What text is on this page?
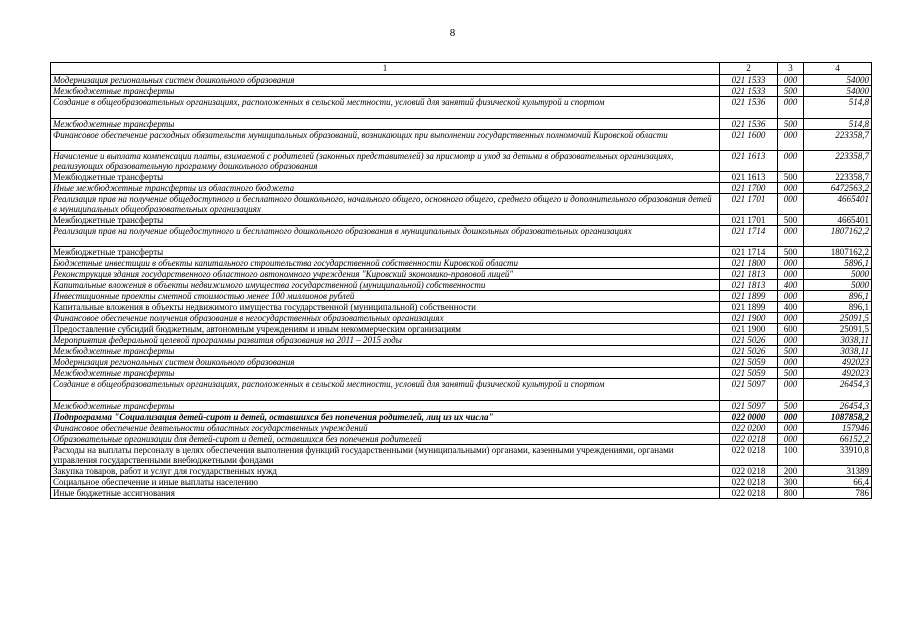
8
1	2	3	4
Модернизация региональных систем дошкольного образования	021 1533	000	54000
Межбюджетные трансферты	021 1533	500	54000
Создание в общеобразовательных организациях, расположенных в сельской местности, условий для занятий физической культурой и спортом	021 1536	000	514,8
Межбюджетные трансферты	021 1536	500	514,8
Финансовое обеспечение расходных обязательств муниципальных образований, возникающих при выполнении государственных полномочий Кировской области	021 1600	000	223358,7
Начисление и выплата компенсации платы, взимаемой с родителей (законных представителей) за присмотр и уход за детьми в образовательных организациях, реализующих образовательную программу дошкольного образования	021 1613	000	223358,7
Межбюджетные трансферты	021 1613	500	223358,7
Иные межбюджетные трансферты из областного бюджета	021 1700	000	6472563,2
Реализация прав на получение общедоступного и бесплатного дошкольного, начального общего, основного общего, среднего общего и дополнительного образования детей в муниципальных общеобразовательных организациях	021 1701	000	4665401
Межбюджетные трансферты	021 1701	500	4665401
Реализация прав на получение общедоступного и бесплатного дошкольного образования в муниципальных дошкольных образовательных организациях	021 1714	000	1807162,2
Межбюджетные трансферты	021 1714	500	1807162,2
Бюджетные инвестиции в объекты капитального строительства государственной собственности Кировской области	021 1800	000	5896,1
Реконструкция здания государственного областного автономного учреждения "Кировский экономико-правовой лицей"	021 1813	000	5000
Капитальные вложения в объекты недвижимого имущества государственной (муниципальной) собственности	021 1813	400	5000
Инвестиционные проекты сметной стоимостью менее 100 миллионов рублей	021 1899	000	896,1
Капитальные вложения в объекты недвижимого имущества государственной (муниципальной) собственности	021 1899	400	896,1
Финансовое обеспечение получения образования в негосударственных образовательных организациях	021 1900	000	25091,5
Предоставление субсидий бюджетным, автономным учреждениям и иным некоммерческим организациям	021 1900	600	25091,5
Мероприятия федеральной целевой программы развития образования на 2011 – 2015 годы	021 5026	000	3038,11
Межбюджетные трансферты	021 5026	500	3038,11
Модернизация региональных систем дошкольного образования	021 5059	000	492023
Межбюджетные трансферты	021 5059	500	492023
Создание в общеобразовательных организациях, расположенных в сельской местности, условий для занятий физической культурой и спортом	021 5097	000	26454,3
Межбюджетные трансферты	021 5097	500	26454,3
Подпрограмма "Социализация детей-сирот и детей, оставшихся без попечения родителей, лиц из их числа"	022 0000	000	1087858,2
Финансовое обеспечение деятельности областных государственных учреждений	022 0200	000	157946
Образовательные организации для детей-сирот и детей, оставшихся без попечения родителей	022 0218	000	66152,2
Расходы на выплаты персоналу в целях обеспечения выполнения функций государственными (муниципальными) органами, казенными учреждениями, органами управления государственными внебюджетными фондами	022 0218	100	33910,8
Закупка товаров, работ и услуг для государственных нужд	022 0218	200	31389
Социальное обеспечение и иные выплаты населению	022 0218	300	66,4
Иные бюджетные ассигнования	022 0218	800	786
